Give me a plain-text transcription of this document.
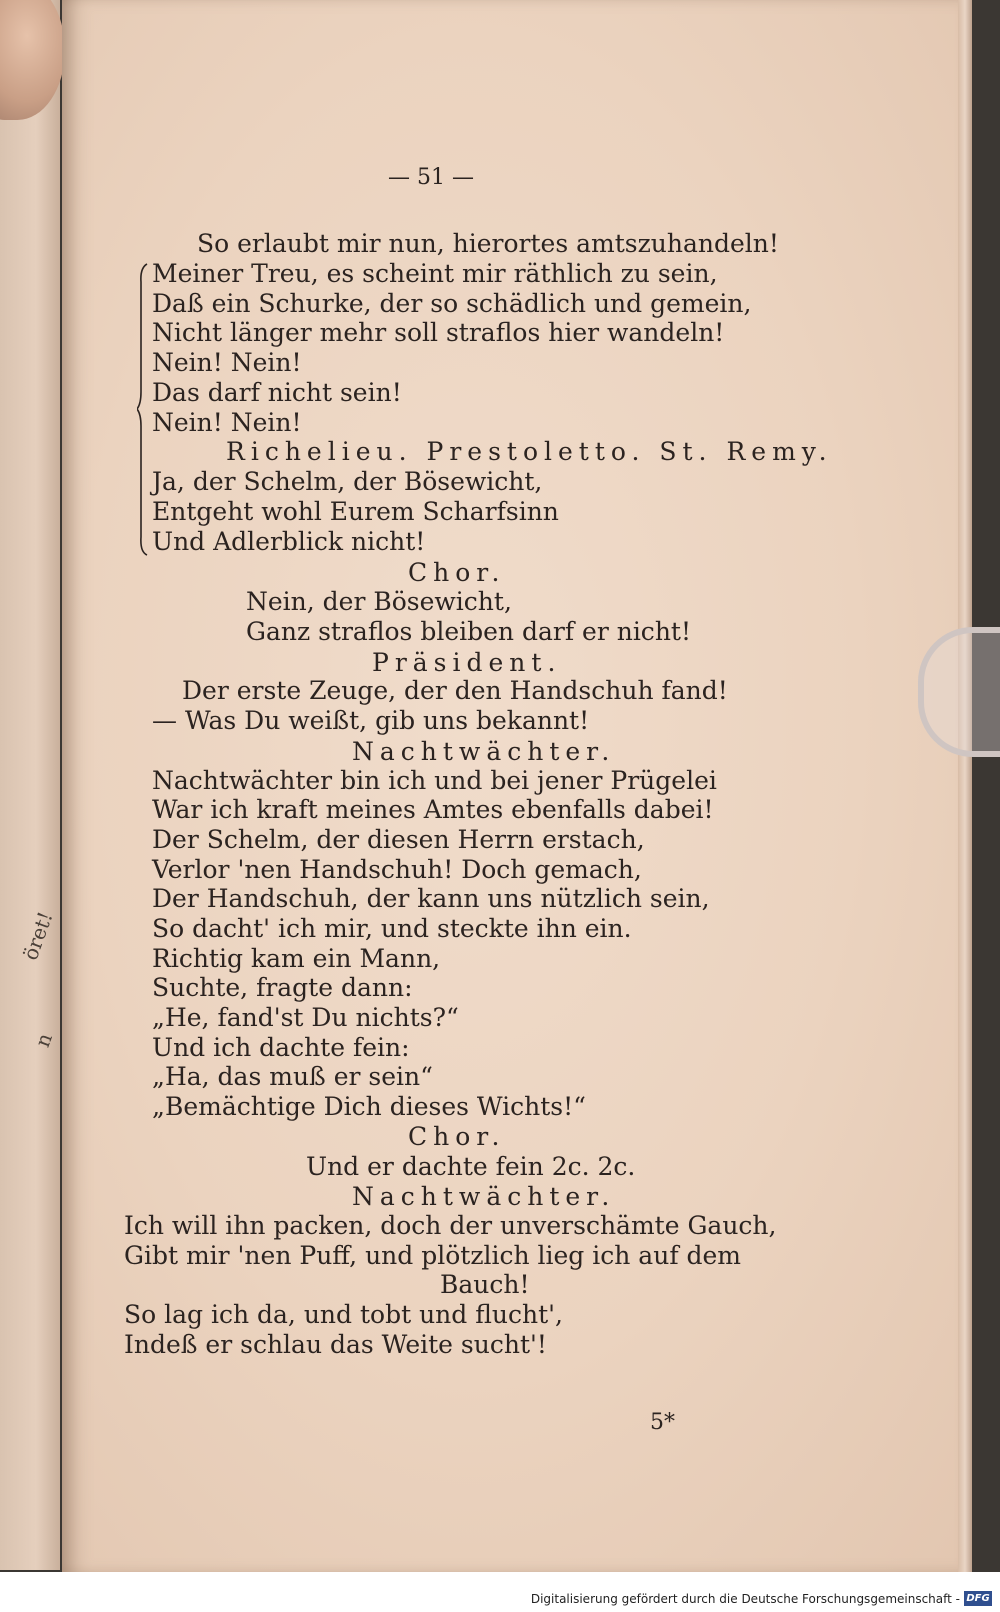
öret!
n
— 51 —
So erlaubt mir nun, hierortes amtszuhandeln!
Meiner Treu, es scheint mir räthlich zu sein,
Daß ein Schurke, der so schädlich und gemein,
Nicht länger mehr soll straflos hier wandeln!
Nein! Nein!
Das darf nicht sein!
Nein! Nein!
Richelieu. Prestoletto. St. Remy.
Ja, der Schelm, der Bösewicht,
Entgeht wohl Eurem Scharfsinn
Und Adlerblick nicht!
Chor.
Nein, der Bösewicht,
Ganz straflos bleiben darf er nicht!
Präsident.
Der erste Zeuge, der den Handschuh fand!
— Was Du weißt, gib uns bekannt!
Nachtwächter.
Nachtwächter bin ich und bei jener Prügelei
War ich kraft meines Amtes ebenfalls dabei!
Der Schelm, der diesen Herrn erstach,
Verlor 'nen Handschuh! Doch gemach,
Der Handschuh, der kann uns nützlich sein,
So dacht' ich mir, und steckte ihn ein.
Richtig kam ein Mann,
Suchte, fragte dann:
„He, fand'st Du nichts?“
Und ich dachte fein:
„Ha, das muß er sein“
„Bemächtige Dich dieses Wichts!“
Chor.
Und er dachte fein 2c. 2c.
Nachtwächter.
Ich will ihn packen, doch der unverschämte Gauch,
Gibt mir 'nen Puff, und plötzlich lieg ich auf dem
Bauch!
So lag ich da, und tobt und flucht',
Indeß er schlau das Weite sucht'!
5*
Digitalisierung gefördert durch die Deutsche Forschungsgemeinschaft - DFG
